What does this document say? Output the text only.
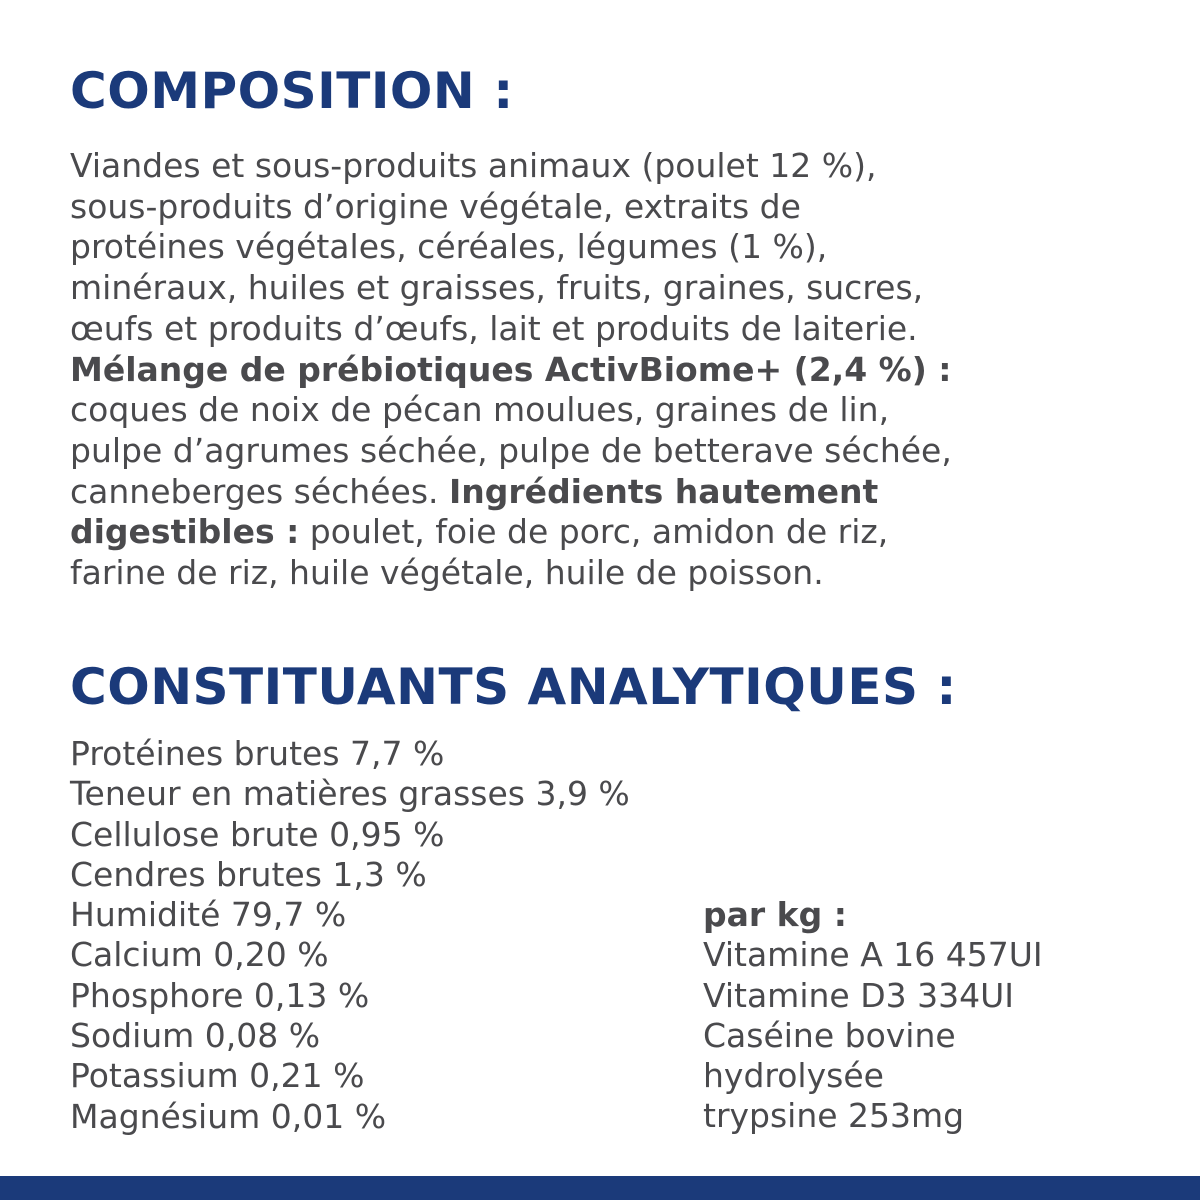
COMPOSITION :
Viandes et sous-produits animaux (poulet 12 %),
sous-produits d’origine végétale, extraits de
protéines végétales, céréales, légumes (1 %),
minéraux, huiles et graisses, fruits, graines, sucres,
œufs et produits d’œufs, lait et produits de laiterie.
Mélange de prébiotiques ActivBiome+ (2,4 %) :
coques de noix de pécan moulues, graines de lin,
pulpe d’agrumes séchée, pulpe de betterave séchée,
canneberges séchées. Ingrédients hautement
digestibles : poulet, foie de porc, amidon de riz,
farine de riz, huile végétale, huile de poisson.
CONSTITUANTS ANALYTIQUES :
Protéines brutes 7,7 %
Teneur en matières grasses 3,9 %
Cellulose brute 0,95 %
Cendres brutes 1,3 %
Humidité 79,7 %
Calcium 0,20 %
Phosphore 0,13 %
Sodium 0,08 %
Potassium 0,21 %
Magnésium 0,01 %
par kg :
Vitamine A 16 457UI
Vitamine D3 334UI
Caséine bovine
hydrolysée
trypsine 253mg
